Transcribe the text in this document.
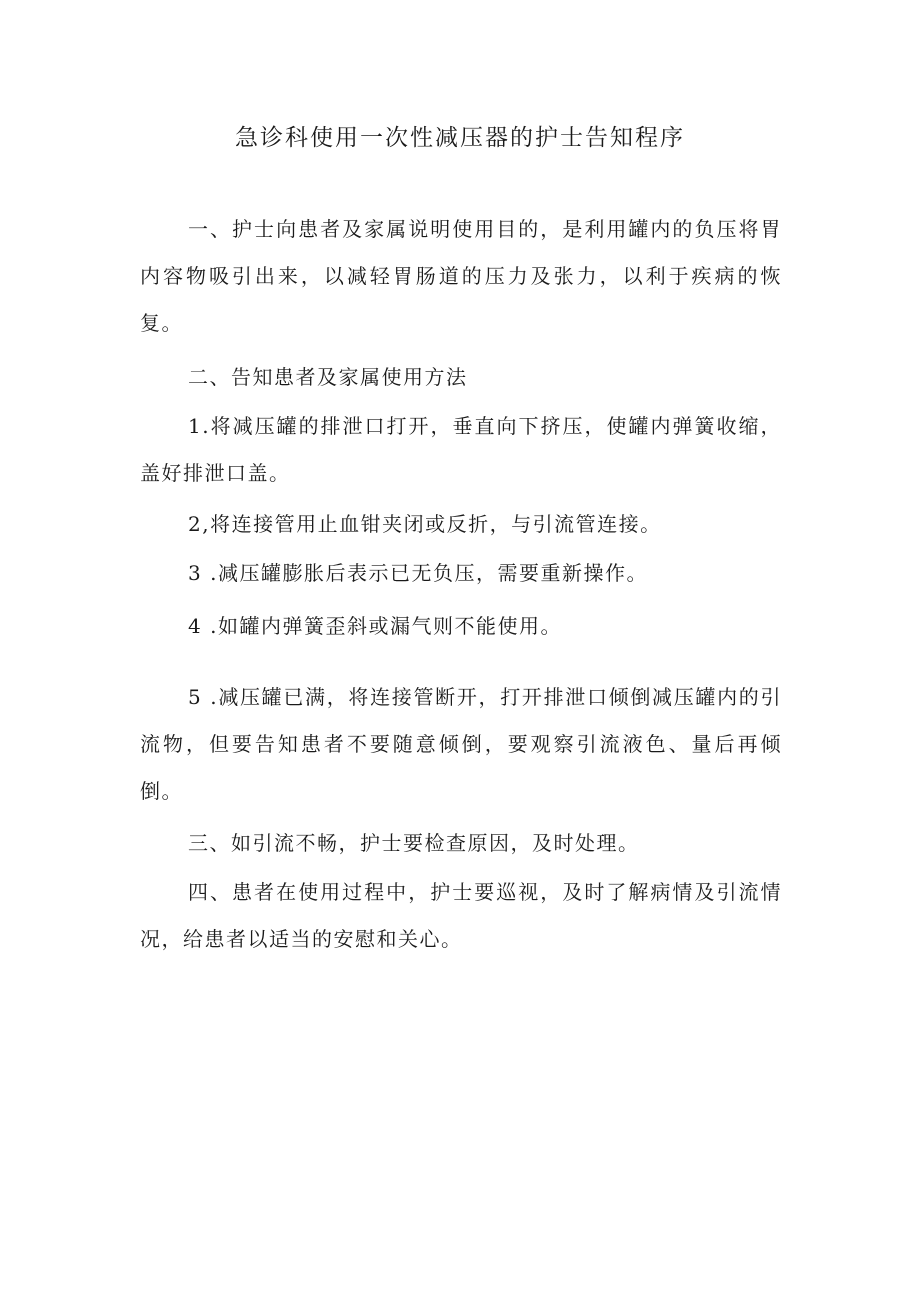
急诊科使用一次性减压器的护士告知程序

一、护士向患者及家属说明使用目的，是利用罐内的负压将胃内容物吸引出来，以减轻胃肠道的压力及张力，以利于疾病的恢复。

二、告知患者及家属使用方法

1.将减压罐的排泄口打开，垂直向下挤压，使罐内弹簧收缩，盖好排泄口盖。

2,将连接管用止血钳夹闭或反折，与引流管连接。

3 .减压罐膨胀后表示已无负压，需要重新操作。

4 .如罐内弹簧歪斜或漏气则不能使用。

5 .减压罐已满，将连接管断开，打开排泄口倾倒减压罐内的引流物，但要告知患者不要随意倾倒，要观察引流液色、量后再倾倒。

三、如引流不畅，护士要检查原因，及时处理。

四、患者在使用过程中，护士要巡视，及时了解病情及引流情况，给患者以适当的安慰和关心。
